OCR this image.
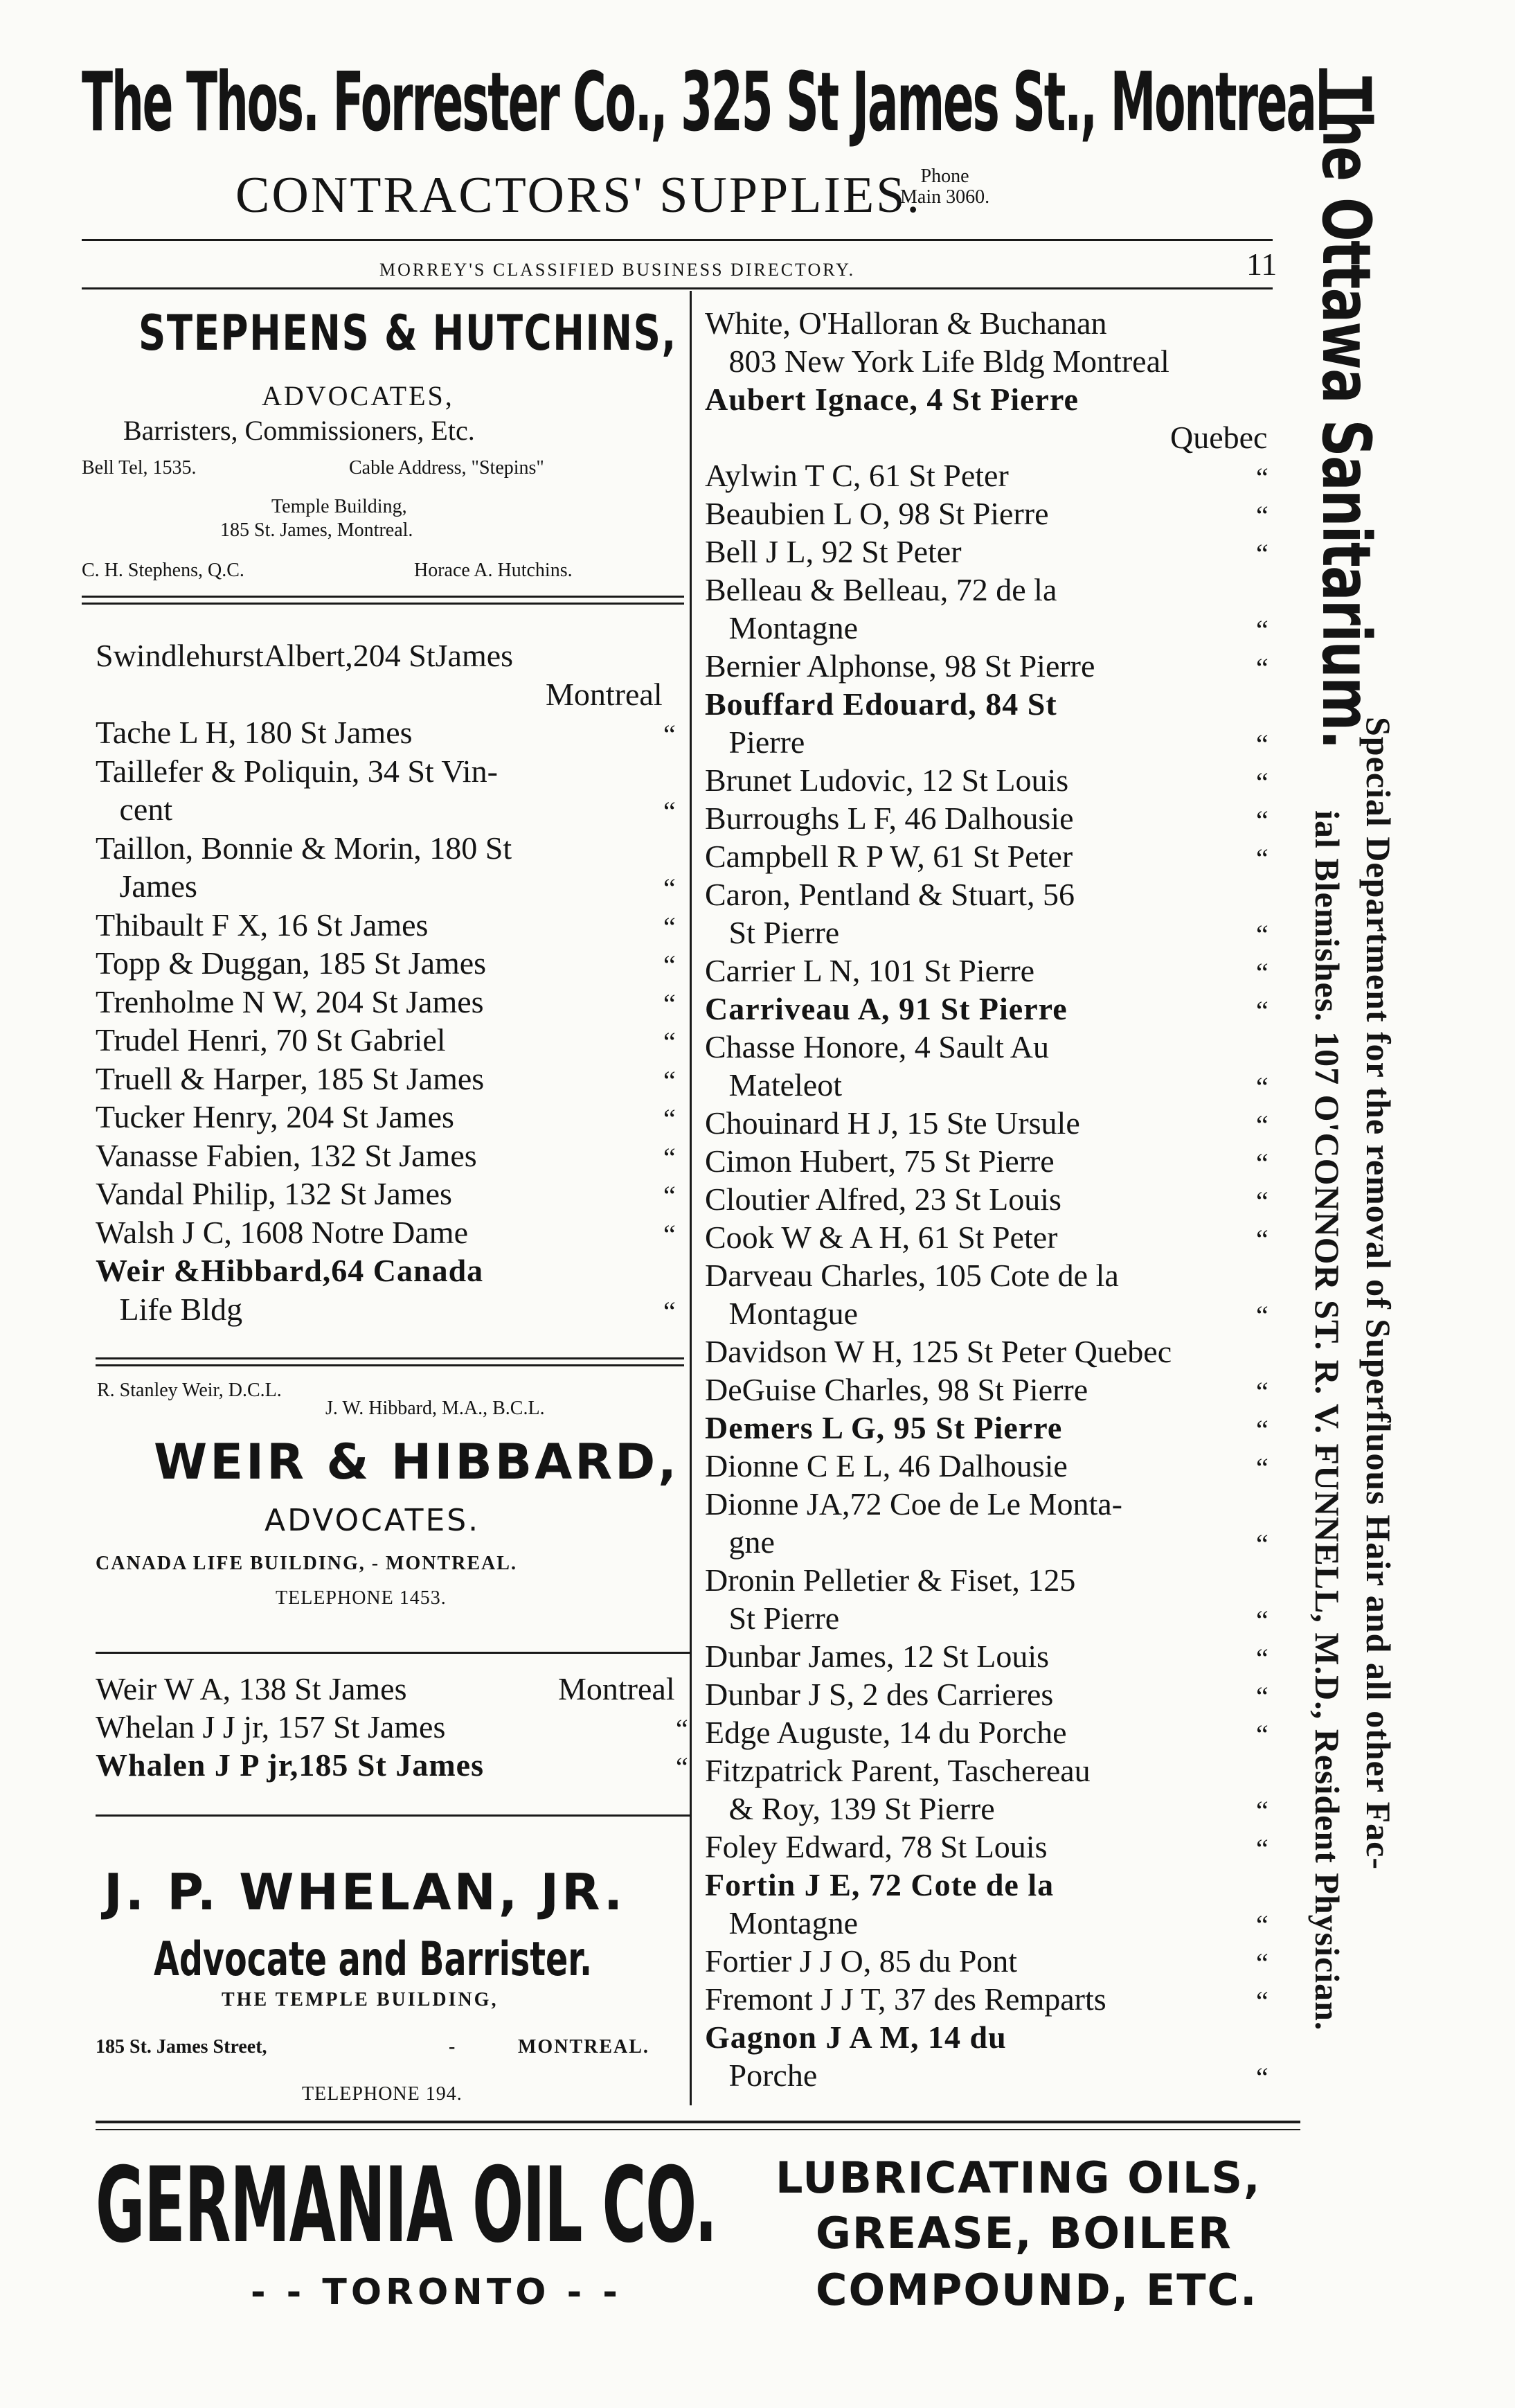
The Thos. Forrester Co., 325 St James St., Montreal
CONTRACTORS' SUPPLIES.
Phone
Main 3060.
MORREY'S CLASSIFIED BUSINESS DIRECTORY.	11 The Ottawa Sanitarium.
Special Department for the removal of Superfluous Hair and all other Fac-
ial Blemishes. 107 O'CONNOR ST. R. V. FUNNELL, M.D., Resident Physician.
STEPHENS & HUTCHINS,
ADVOCATES,
Barristers, Commissioners, Etc.
Bell Tel, 1535.	Cable Address, "Stepins"
Temple Building,
185 St. James, Montreal.
C. H. Stephens, Q.C.	Horace A. Hutchins.
SwindlehurstAlbert,204 StJames
Montreal
Tache L H, 180 St James	“
Taillefer & Poliquin, 34 St Vin-
cent	“
Taillon, Bonnie & Morin, 180 St
James	“
Thibault F X, 16 St James	“
Topp & Duggan, 185 St James	“
Trenholme N W, 204 St James	“
Trudel Henri, 70 St Gabriel	“
Truell & Harper, 185 St James	“
Tucker Henry, 204 St James	“
Vanasse Fabien, 132 St James	“
Vandal Philip, 132 St James	“
Walsh J C, 1608 Notre Dame	“
Weir &Hibbard,64 Canada
Life Bldg	“
R. Stanley Weir, D.C.L.
J. W. Hibbard, M.A., B.C.L.
WEIR & HIBBARD,
ADVOCATES.
CANADA LIFE BUILDING, - MONTREAL.
TELEPHONE 1453.
Weir W A, 138 St James	Montreal
Whelan J J jr, 157 St James	“
Whalen J P jr,185 St James	“
J. P. WHELAN, JR.
Advocate and Barrister.
THE TEMPLE BUILDING,
185 St. James Street,	-	MONTREAL.
TELEPHONE 194.
White, O'Halloran & Buchanan
803 New York Life Bldg Montreal
Aubert Ignace, 4 St Pierre
Quebec
Aylwin T C, 61 St Peter	“
Beaubien L O, 98 St Pierre	“
Bell J L, 92 St Peter	“
Belleau & Belleau, 72 de la
Montagne	“
Bernier Alphonse, 98 St Pierre	“
Bouffard Edouard, 84 St
Pierre	“
Brunet Ludovic, 12 St Louis	“
Burroughs L F, 46 Dalhousie	“
Campbell R P W, 61 St Peter	“
Caron, Pentland & Stuart, 56
St Pierre	“
Carrier L N, 101 St Pierre	“
Carriveau A, 91 St Pierre	“
Chasse Honore, 4 Sault Au
Mateleot	“
Chouinard H J, 15 Ste Ursule	“
Cimon Hubert, 75 St Pierre	“
Cloutier Alfred, 23 St Louis	“
Cook W & A H, 61 St Peter	“
Darveau Charles, 105 Cote de la
Montague	“
Davidson W H, 125 St Peter Quebec
DeGuise Charles, 98 St Pierre	“
Demers L G, 95 St Pierre	“
Dionne C E L, 46 Dalhousie	“
Dionne JA,72 Coe de Le Monta-
gne	“
Dronin Pelletier & Fiset, 125
St Pierre	“
Dunbar James, 12 St Louis	“
Dunbar J S, 2 des Carrieres	“
Edge Auguste, 14 du Porche	“
Fitzpatrick Parent, Taschereau
& Roy, 139 St Pierre	“
Foley Edward, 78 St Louis	“
Fortin J E, 72 Cote de la
Montagne	“
Fortier J J O, 85 du Pont	“
Fremont J J T, 37 des Remparts	“
Gagnon J A M, 14 du
Porche	“
GERMANIA OIL CO.
- - TORONTO - -
LUBRICATING OILS,
GREASE, BOILER
COMPOUND, ETC.
